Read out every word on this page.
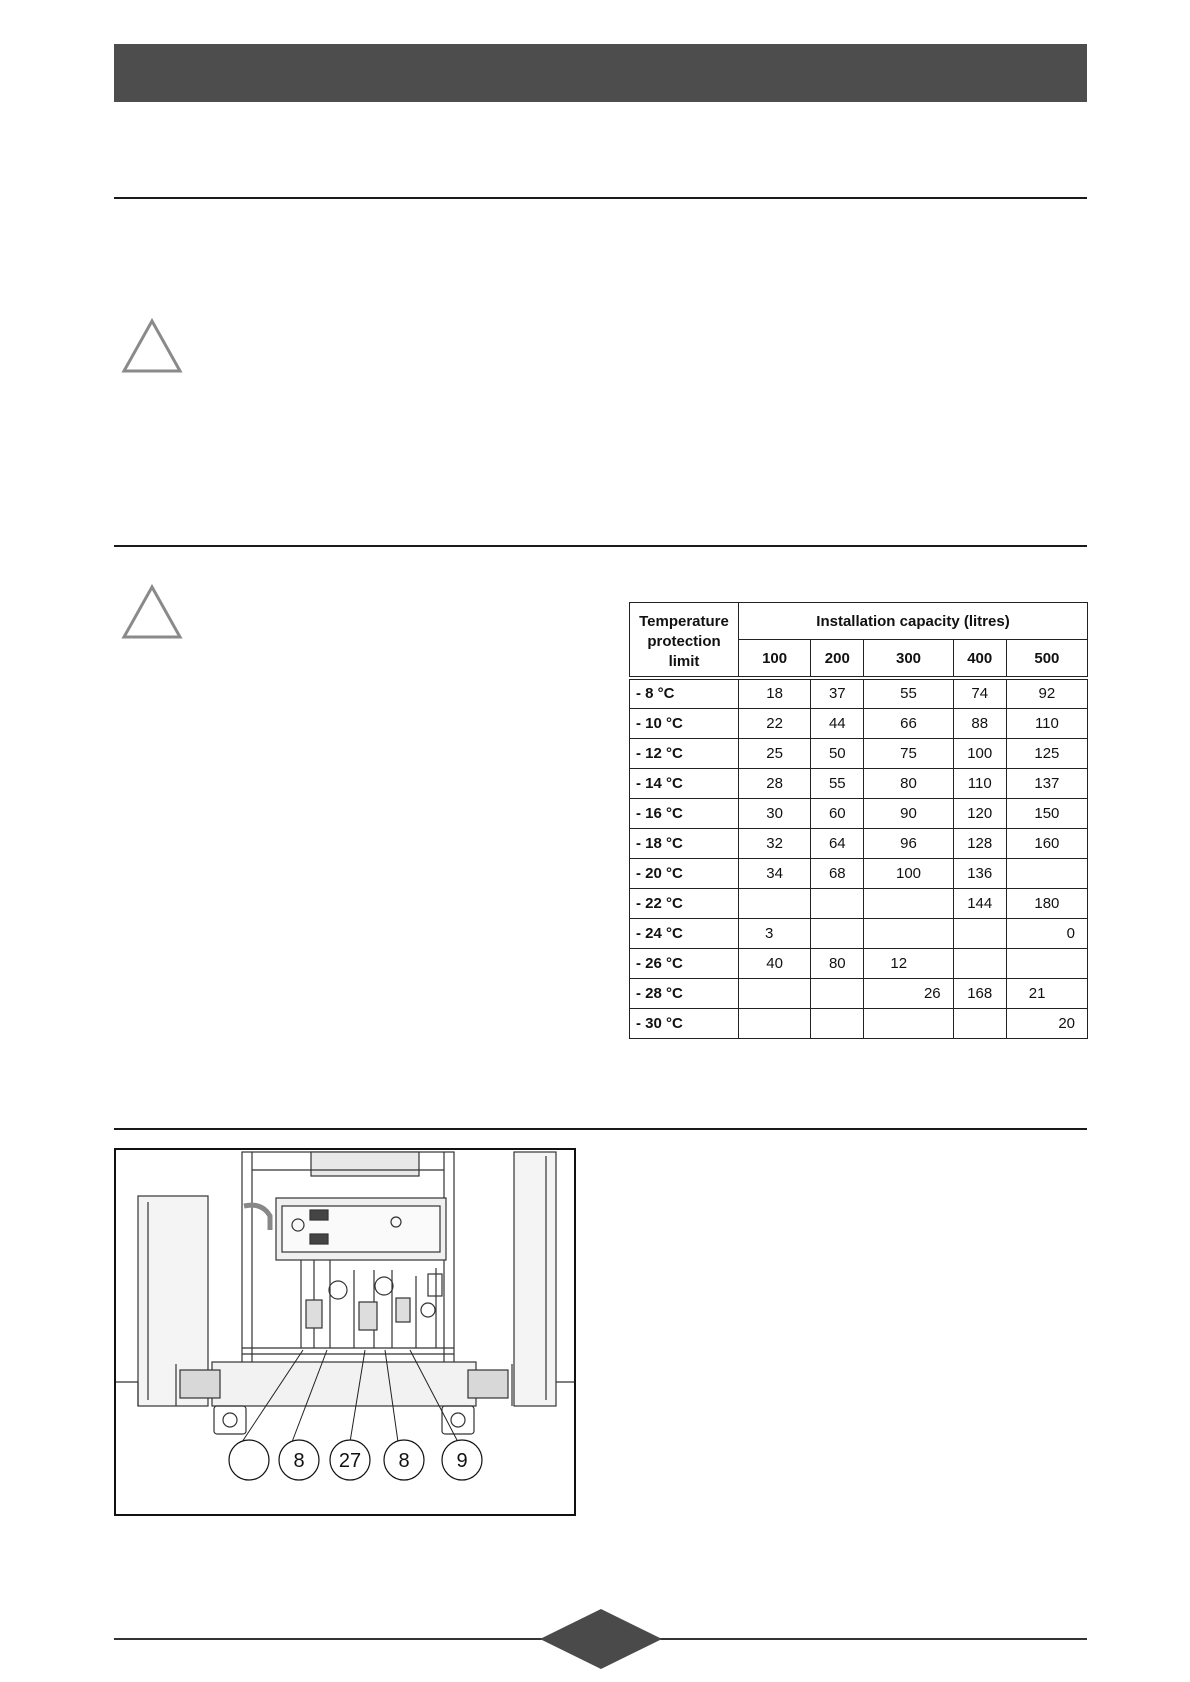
Temperature protection limit	Installation capacity (litres)				
	100	200	300	400	500
- 8 °C	18	37	55	74	92
- 10 °C	22	44	66	88	110
- 12 °C	25	50	75	100	125
- 14 °C	28	55	80	110	137
- 16 °C	30	60	90	120	150
- 18 °C	32	64	96	128	160
- 20 °C	34	68	100	136	
- 22 °C				144	180
- 24 °C	3				0
- 26 °C	40	80	12		
- 28 °C			26	168	21
- 30 °C					20
8 27 8 9
